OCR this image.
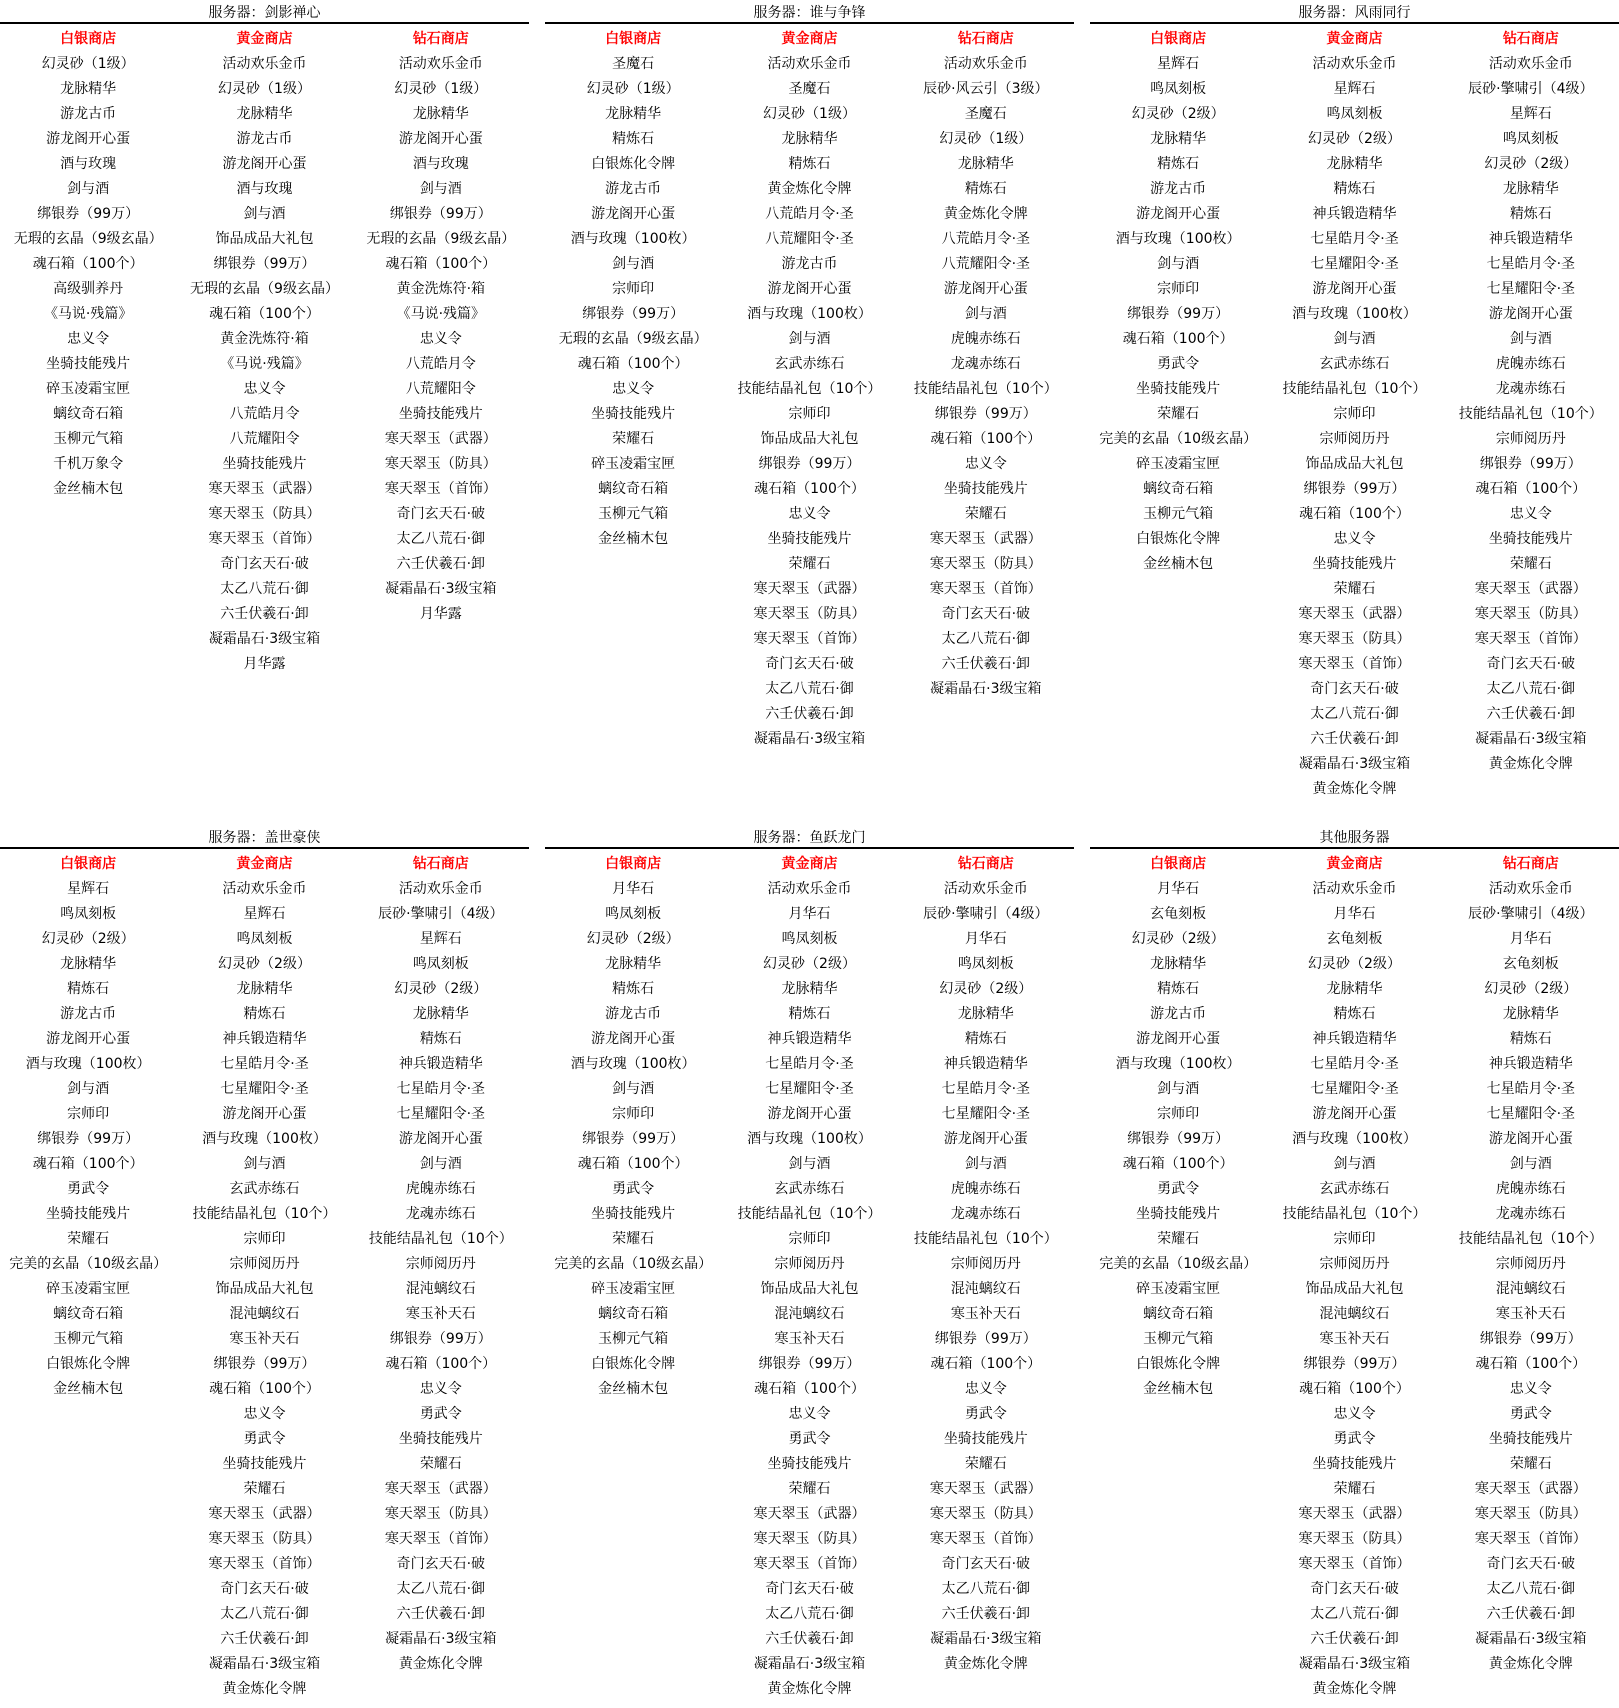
服务器：剑影禅心
白银商店
幻灵砂（1级）
龙脉精华
游龙古币
游龙阁开心蛋
酒与玫瑰
剑与酒
绑银券（99万）
无瑕的玄晶（9级玄晶）
魂石箱（100个）
高级驯养丹
《马说·残篇》
忠义令
坐骑技能残片
碎玉凌霜宝匣
螭纹奇石箱
玉柳元气箱
千机万象令
金丝楠木包
黄金商店
活动欢乐金币
幻灵砂（1级）
龙脉精华
游龙古币
游龙阁开心蛋
酒与玫瑰
剑与酒
饰品成品大礼包
绑银券（99万）
无瑕的玄晶（9级玄晶）
魂石箱（100个）
黄金洗炼符·箱
《马说·残篇》
忠义令
八荒皓月令
八荒耀阳令
坐骑技能残片
寒天翠玉（武器）
寒天翠玉（防具）
寒天翠玉（首饰）
奇门玄天石·破
太乙八荒石·御
六壬伏羲石·卸
凝霜晶石·3级宝箱
月华露
钻石商店
活动欢乐金币
幻灵砂（1级）
龙脉精华
游龙阁开心蛋
酒与玫瑰
剑与酒
绑银券（99万）
无瑕的玄晶（9级玄晶）
魂石箱（100个）
黄金洗炼符·箱
《马说·残篇》
忠义令
八荒皓月令
八荒耀阳令
坐骑技能残片
寒天翠玉（武器）
寒天翠玉（防具）
寒天翠玉（首饰）
奇门玄天石·破
太乙八荒石·御
六壬伏羲石·卸
凝霜晶石·3级宝箱
月华露
服务器：谁与争锋
白银商店
圣魔石
幻灵砂（1级）
龙脉精华
精炼石
白银炼化令牌
游龙古币
游龙阁开心蛋
酒与玫瑰（100枚）
剑与酒
宗师印
绑银券（99万）
无瑕的玄晶（9级玄晶）
魂石箱（100个）
忠义令
坐骑技能残片
荣耀石
碎玉凌霜宝匣
螭纹奇石箱
玉柳元气箱
金丝楠木包
黄金商店
活动欢乐金币
圣魔石
幻灵砂（1级）
龙脉精华
精炼石
黄金炼化令牌
八荒皓月令·圣
八荒耀阳令·圣
游龙古币
游龙阁开心蛋
酒与玫瑰（100枚）
剑与酒
玄武赤练石
技能结晶礼包（10个）
宗师印
饰品成品大礼包
绑银券（99万）
魂石箱（100个）
忠义令
坐骑技能残片
荣耀石
寒天翠玉（武器）
寒天翠玉（防具）
寒天翠玉（首饰）
奇门玄天石·破
太乙八荒石·御
六壬伏羲石·卸
凝霜晶石·3级宝箱
钻石商店
活动欢乐金币
辰砂·风云引（3级）
圣魔石
幻灵砂（1级）
龙脉精华
精炼石
黄金炼化令牌
八荒皓月令·圣
八荒耀阳令·圣
游龙阁开心蛋
剑与酒
虎魄赤练石
龙魂赤练石
技能结晶礼包（10个）
绑银券（99万）
魂石箱（100个）
忠义令
坐骑技能残片
荣耀石
寒天翠玉（武器）
寒天翠玉（防具）
寒天翠玉（首饰）
奇门玄天石·破
太乙八荒石·御
六壬伏羲石·卸
凝霜晶石·3级宝箱
服务器：风雨同行
白银商店
星辉石
鸣凤刻板
幻灵砂（2级）
龙脉精华
精炼石
游龙古币
游龙阁开心蛋
酒与玫瑰（100枚）
剑与酒
宗师印
绑银券（99万）
魂石箱（100个）
勇武令
坐骑技能残片
荣耀石
完美的玄晶（10级玄晶）
碎玉凌霜宝匣
螭纹奇石箱
玉柳元气箱
白银炼化令牌
金丝楠木包
黄金商店
活动欢乐金币
星辉石
鸣凤刻板
幻灵砂（2级）
龙脉精华
精炼石
神兵锻造精华
七星皓月令·圣
七星耀阳令·圣
游龙阁开心蛋
酒与玫瑰（100枚）
剑与酒
玄武赤练石
技能结晶礼包（10个）
宗师印
宗师阅历丹
饰品成品大礼包
绑银券（99万）
魂石箱（100个）
忠义令
坐骑技能残片
荣耀石
寒天翠玉（武器）
寒天翠玉（防具）
寒天翠玉（首饰）
奇门玄天石·破
太乙八荒石·御
六壬伏羲石·卸
凝霜晶石·3级宝箱
黄金炼化令牌
钻石商店
活动欢乐金币
辰砂·擎啸引（4级）
星辉石
鸣凤刻板
幻灵砂（2级）
龙脉精华
精炼石
神兵锻造精华
七星皓月令·圣
七星耀阳令·圣
游龙阁开心蛋
剑与酒
虎魄赤练石
龙魂赤练石
技能结晶礼包（10个）
宗师阅历丹
绑银券（99万）
魂石箱（100个）
忠义令
坐骑技能残片
荣耀石
寒天翠玉（武器）
寒天翠玉（防具）
寒天翠玉（首饰）
奇门玄天石·破
太乙八荒石·御
六壬伏羲石·卸
凝霜晶石·3级宝箱
黄金炼化令牌
服务器：盖世豪侠
白银商店
星辉石
鸣凤刻板
幻灵砂（2级）
龙脉精华
精炼石
游龙古币
游龙阁开心蛋
酒与玫瑰（100枚）
剑与酒
宗师印
绑银券（99万）
魂石箱（100个）
勇武令
坐骑技能残片
荣耀石
完美的玄晶（10级玄晶）
碎玉凌霜宝匣
螭纹奇石箱
玉柳元气箱
白银炼化令牌
金丝楠木包
黄金商店
活动欢乐金币
星辉石
鸣凤刻板
幻灵砂（2级）
龙脉精华
精炼石
神兵锻造精华
七星皓月令·圣
七星耀阳令·圣
游龙阁开心蛋
酒与玫瑰（100枚）
剑与酒
玄武赤练石
技能结晶礼包（10个）
宗师印
宗师阅历丹
饰品成品大礼包
混沌螭纹石
寒玉补天石
绑银券（99万）
魂石箱（100个）
忠义令
勇武令
坐骑技能残片
荣耀石
寒天翠玉（武器）
寒天翠玉（防具）
寒天翠玉（首饰）
奇门玄天石·破
太乙八荒石·御
六壬伏羲石·卸
凝霜晶石·3级宝箱
黄金炼化令牌
钻石商店
活动欢乐金币
辰砂·擎啸引（4级）
星辉石
鸣凤刻板
幻灵砂（2级）
龙脉精华
精炼石
神兵锻造精华
七星皓月令·圣
七星耀阳令·圣
游龙阁开心蛋
剑与酒
虎魄赤练石
龙魂赤练石
技能结晶礼包（10个）
宗师阅历丹
混沌螭纹石
寒玉补天石
绑银券（99万）
魂石箱（100个）
忠义令
勇武令
坐骑技能残片
荣耀石
寒天翠玉（武器）
寒天翠玉（防具）
寒天翠玉（首饰）
奇门玄天石·破
太乙八荒石·御
六壬伏羲石·卸
凝霜晶石·3级宝箱
黄金炼化令牌
服务器：鱼跃龙门
白银商店
月华石
鸣凤刻板
幻灵砂（2级）
龙脉精华
精炼石
游龙古币
游龙阁开心蛋
酒与玫瑰（100枚）
剑与酒
宗师印
绑银券（99万）
魂石箱（100个）
勇武令
坐骑技能残片
荣耀石
完美的玄晶（10级玄晶）
碎玉凌霜宝匣
螭纹奇石箱
玉柳元气箱
白银炼化令牌
金丝楠木包
黄金商店
活动欢乐金币
月华石
鸣凤刻板
幻灵砂（2级）
龙脉精华
精炼石
神兵锻造精华
七星皓月令·圣
七星耀阳令·圣
游龙阁开心蛋
酒与玫瑰（100枚）
剑与酒
玄武赤练石
技能结晶礼包（10个）
宗师印
宗师阅历丹
饰品成品大礼包
混沌螭纹石
寒玉补天石
绑银券（99万）
魂石箱（100个）
忠义令
勇武令
坐骑技能残片
荣耀石
寒天翠玉（武器）
寒天翠玉（防具）
寒天翠玉（首饰）
奇门玄天石·破
太乙八荒石·御
六壬伏羲石·卸
凝霜晶石·3级宝箱
黄金炼化令牌
钻石商店
活动欢乐金币
辰砂·擎啸引（4级）
月华石
鸣凤刻板
幻灵砂（2级）
龙脉精华
精炼石
神兵锻造精华
七星皓月令·圣
七星耀阳令·圣
游龙阁开心蛋
剑与酒
虎魄赤练石
龙魂赤练石
技能结晶礼包（10个）
宗师阅历丹
混沌螭纹石
寒玉补天石
绑银券（99万）
魂石箱（100个）
忠义令
勇武令
坐骑技能残片
荣耀石
寒天翠玉（武器）
寒天翠玉（防具）
寒天翠玉（首饰）
奇门玄天石·破
太乙八荒石·御
六壬伏羲石·卸
凝霜晶石·3级宝箱
黄金炼化令牌
其他服务器
白银商店
月华石
玄龟刻板
幻灵砂（2级）
龙脉精华
精炼石
游龙古币
游龙阁开心蛋
酒与玫瑰（100枚）
剑与酒
宗师印
绑银券（99万）
魂石箱（100个）
勇武令
坐骑技能残片
荣耀石
完美的玄晶（10级玄晶）
碎玉凌霜宝匣
螭纹奇石箱
玉柳元气箱
白银炼化令牌
金丝楠木包
黄金商店
活动欢乐金币
月华石
玄龟刻板
幻灵砂（2级）
龙脉精华
精炼石
神兵锻造精华
七星皓月令·圣
七星耀阳令·圣
游龙阁开心蛋
酒与玫瑰（100枚）
剑与酒
玄武赤练石
技能结晶礼包（10个）
宗师印
宗师阅历丹
饰品成品大礼包
混沌螭纹石
寒玉补天石
绑银券（99万）
魂石箱（100个）
忠义令
勇武令
坐骑技能残片
荣耀石
寒天翠玉（武器）
寒天翠玉（防具）
寒天翠玉（首饰）
奇门玄天石·破
太乙八荒石·御
六壬伏羲石·卸
凝霜晶石·3级宝箱
黄金炼化令牌
钻石商店
活动欢乐金币
辰砂·擎啸引（4级）
月华石
玄龟刻板
幻灵砂（2级）
龙脉精华
精炼石
神兵锻造精华
七星皓月令·圣
七星耀阳令·圣
游龙阁开心蛋
剑与酒
虎魄赤练石
龙魂赤练石
技能结晶礼包（10个）
宗师阅历丹
混沌螭纹石
寒玉补天石
绑银券（99万）
魂石箱（100个）
忠义令
勇武令
坐骑技能残片
荣耀石
寒天翠玉（武器）
寒天翠玉（防具）
寒天翠玉（首饰）
奇门玄天石·破
太乙八荒石·御
六壬伏羲石·卸
凝霜晶石·3级宝箱
黄金炼化令牌
